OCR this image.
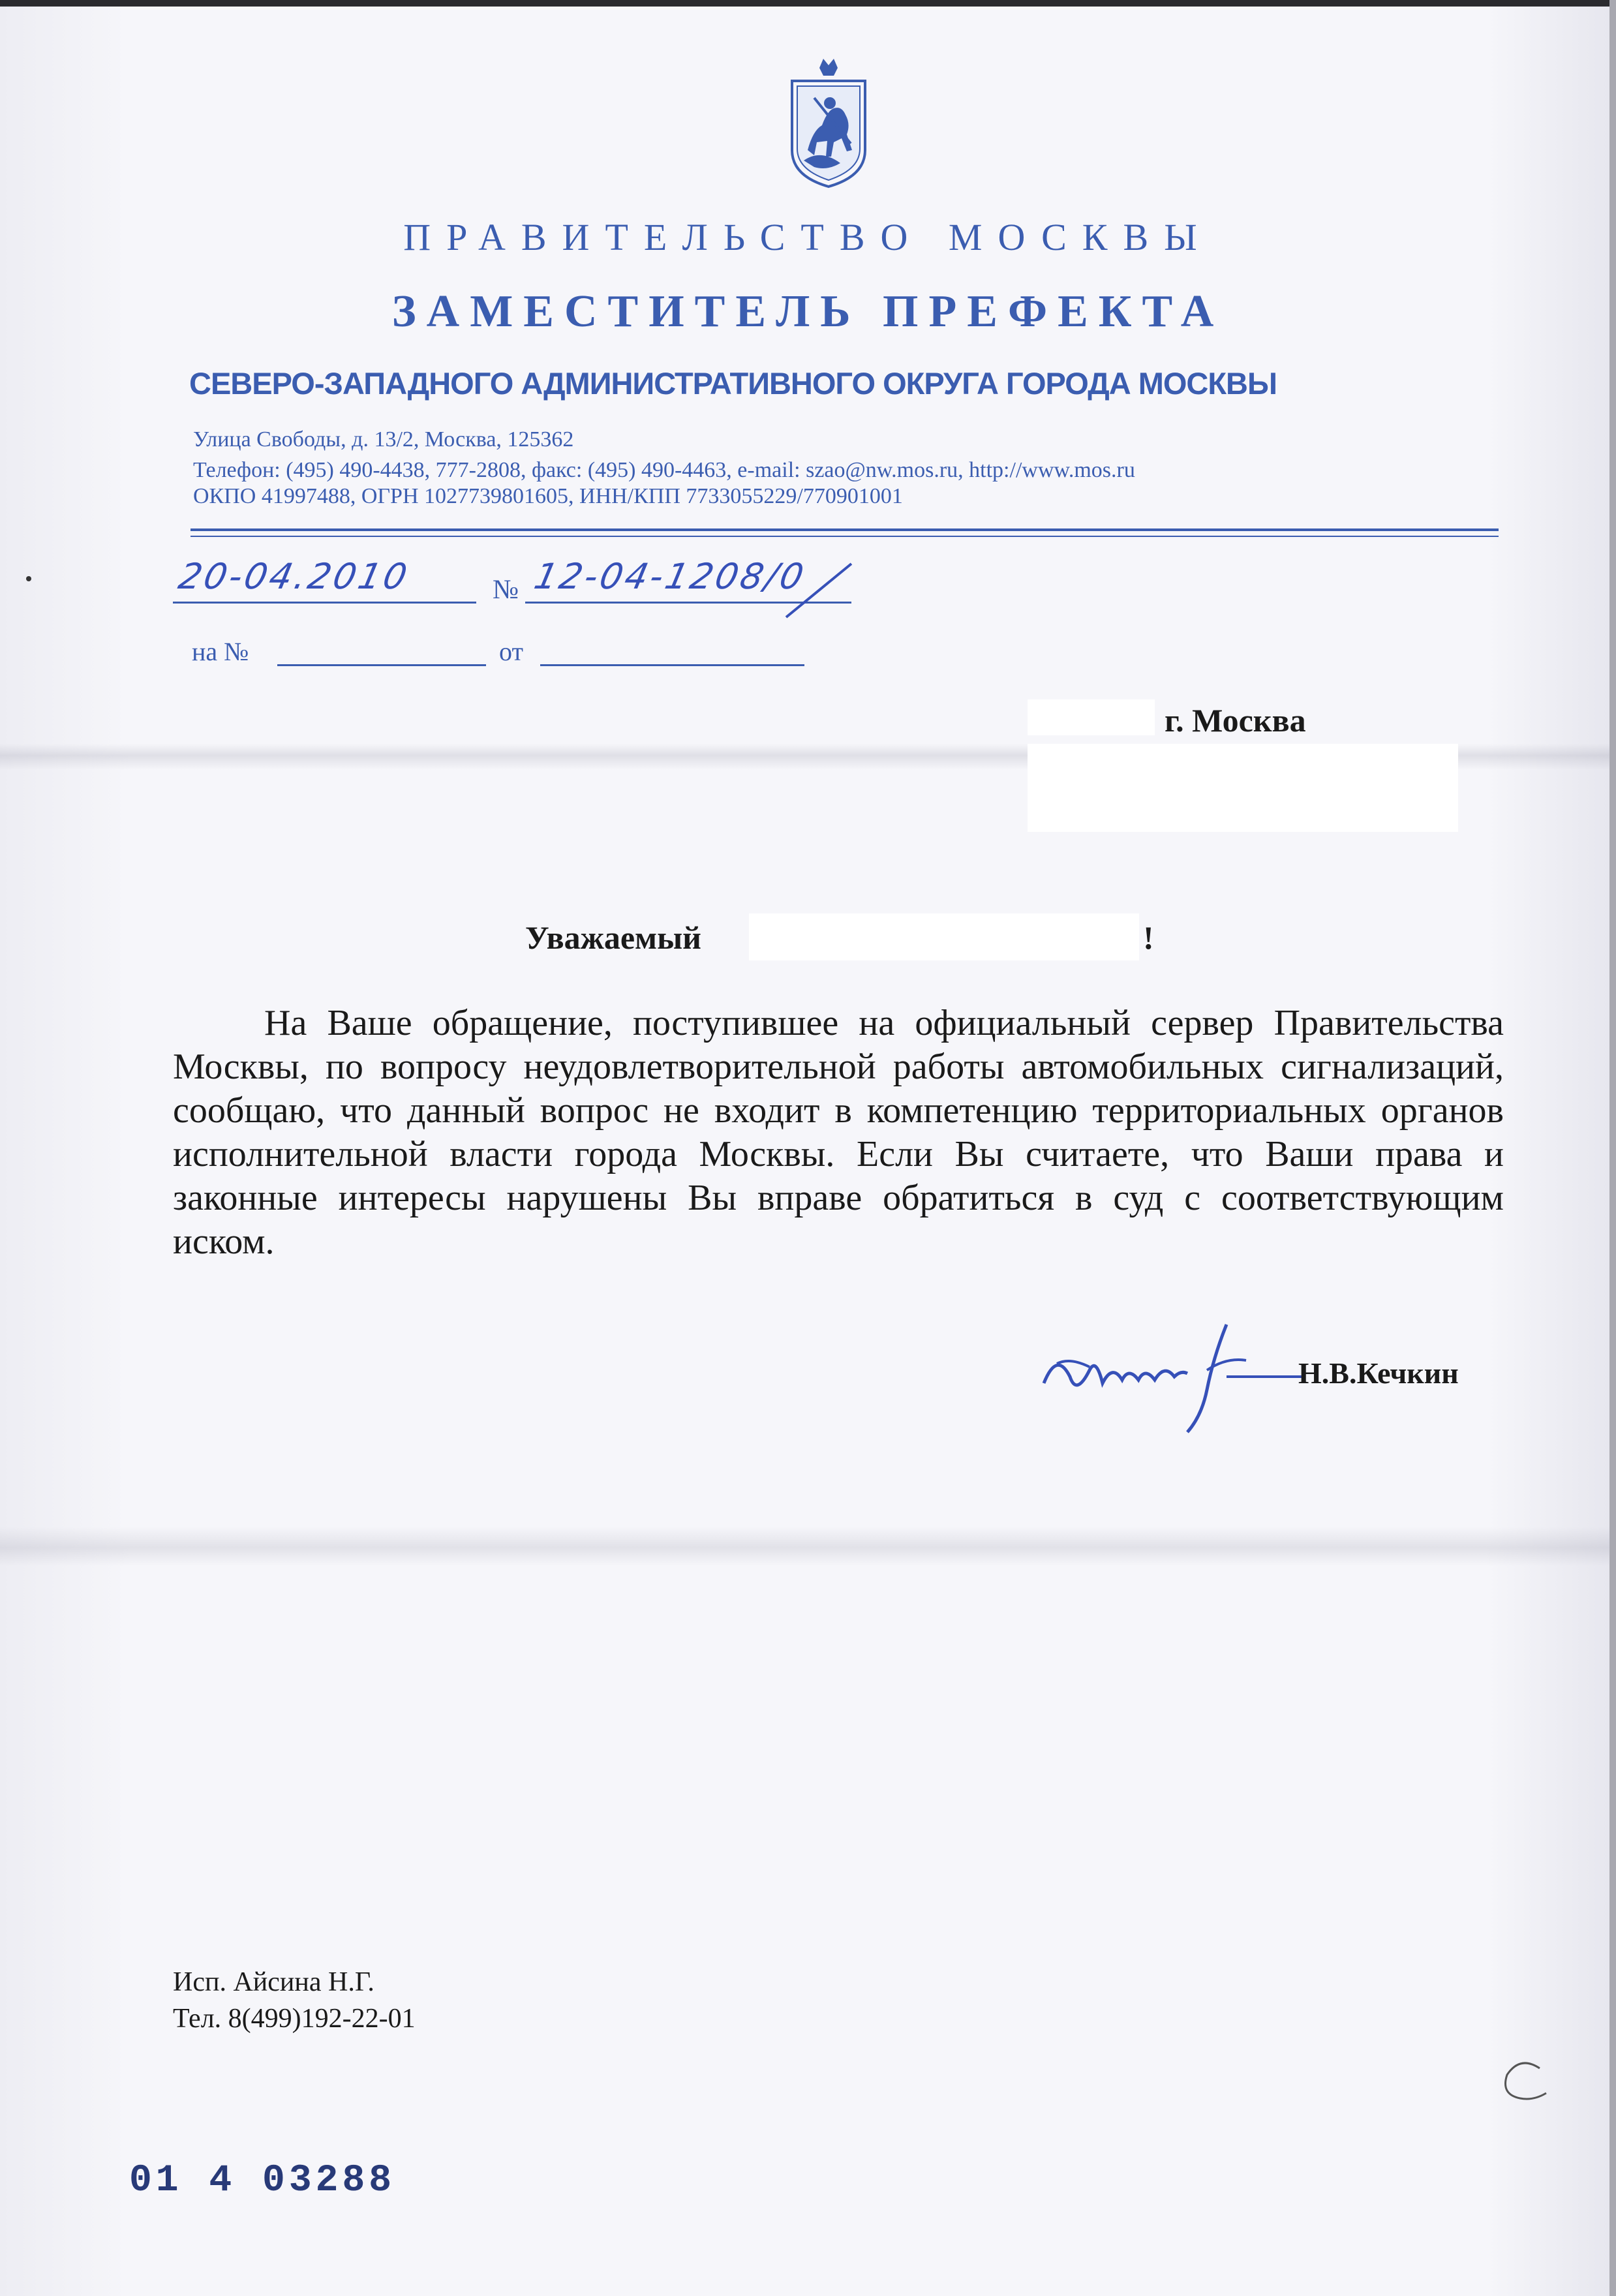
ПРАВИТЕЛЬСТВО МОСКВЫ
ЗАМЕСТИТЕЛЬ ПРЕФЕКТА
СЕВЕРО-ЗАПАДНОГО АДМИНИСТРАТИВНОГО ОКРУГА ГОРОДА МОСКВЫ
Улица Свободы, д. 13/2, Москва, 125362
Телефон: (495) 490-4438, 777-2808, факс: (495) 490-4463, e-mail: szao@nw.mos.ru, http://www.mos.ru
ОКПО 41997488, ОГРН 1027739801605, ИНН/КПП 7733055229/770901001
20-04.2010	№ 12-04-1208/0
на №	от
г. Москва
Уважаемый	!
На Ваше обращение, поступившее на официальный сервер Правительства Москвы, по вопросу неудовлетворительной работы автомобильных сигнализаций, сообщаю, что данный вопрос не входит в компетенцию территориальных органов исполнительной власти города Москвы. Если Вы считаете, что Ваши права и законные интересы нарушены Вы вправе обратиться в суд с соответствующим иском.
Н.В.Кечкин
Исп. Айсина Н.Г.
Тел. 8(499)192-22-01
01 4 03288
